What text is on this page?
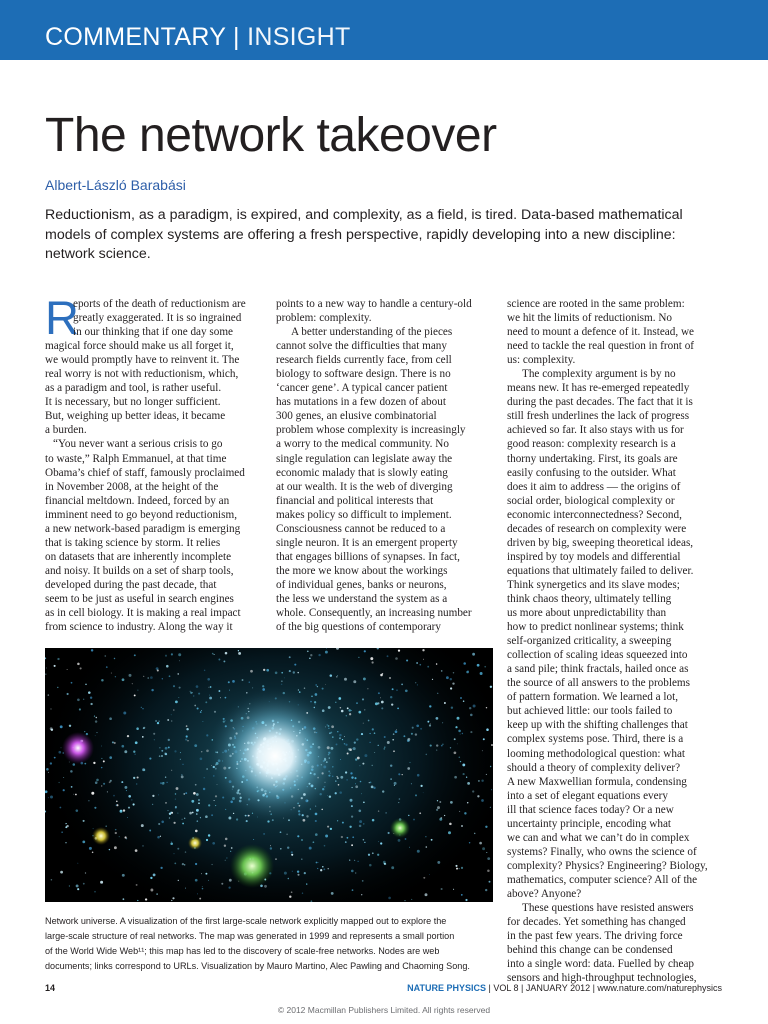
COMMENTARY | INSIGHT
The network takeover
Albert-László Barabási

Reductionism, as a paradigm, is expired, and complexity, as a field, is tired. Data-based mathematical models of complex systems are offering a fresh perspective, rapidly developing into a new discipline: network science.

R
eports of the death of reductionism are
greatly exaggerated. It is so ingrained
in our thinking that if one day some
magical force should make us all forget it,
we would promptly have to reinvent it. The
real worry is not with reductionism, which,
as a paradigm and tool, is rather useful.
It is necessary, but no longer sufficient.
But, weighing up better ideas, it became
a burden.
“You never want a serious crisis to go
to waste,” Ralph Emmanuel, at that time
Obama’s chief of staff, famously proclaimed
in November 2008, at the height of the
financial meltdown. Indeed, forced by an
imminent need to go beyond reductionism,
a new network-based paradigm is emerging
that is taking science by storm. It relies
on datasets that are inherently incomplete
and noisy. It builds on a set of sharp tools,
developed during the past decade, that
seem to be just as useful in search engines
as in cell biology. It is making a real impact
from science to industry. Along the way it
points to a new way to handle a century-old
problem: complexity.
A better understanding of the pieces
cannot solve the difficulties that many
research fields currently face, from cell
biology to software design. There is no
‘cancer gene’. A typical cancer patient
has mutations in a few dozen of about
300 genes, an elusive combinatorial
problem whose complexity is increasingly
a worry to the medical community. No
single regulation can legislate away the
economic malady that is slowly eating
at our wealth. It is the web of diverging
financial and political interests that
makes policy so difficult to implement.
Consciousness cannot be reduced to a
single neuron. It is an emergent property
that engages billions of synapses. In fact,
the more we know about the workings
of individual genes, banks or neurons,
the less we understand the system as a
whole. Consequently, an increasing number
of the big questions of contemporary
science are rooted in the same problem:
we hit the limits of reductionism. No
need to mount a defence of it. Instead, we
need to tackle the real question in front of
us: complexity.
The complexity argument is by no
means new. It has re-emerged repeatedly
during the past decades. The fact that it is
still fresh underlines the lack of progress
achieved so far. It also stays with us for
good reason: complexity research is a
thorny undertaking. First, its goals are
easily confusing to the outsider. What
does it aim to address — the origins of
social order, biological complexity or
economic interconnectedness? Second,
decades of research on complexity were
driven by big, sweeping theoretical ideas,
inspired by toy models and differential
equations that ultimately failed to deliver.
Think synergetics and its slave modes;
think chaos theory, ultimately telling
us more about unpredictability than
how to predict nonlinear systems; think
self-organized criticality, a sweeping
collection of scaling ideas squeezed into
a sand pile; think fractals, hailed once as
the source of all answers to the problems
of pattern formation. We learned a lot,
but achieved little: our tools failed to
keep up with the shifting challenges that
complex systems pose. Third, there is a
looming methodological question: what
should a theory of complexity deliver?
A new Maxwellian formula, condensing
into a set of elegant equations every
ill that science faces today? Or a new
uncertainty principle, encoding what
we can and what we can’t do in complex
systems? Finally, who owns the science of
complexity? Physics? Engineering? Biology,
mathematics, computer science? All of the
above? Anyone?
These questions have resisted answers
for decades. Yet something has changed
in the past few years. The driving force
behind this change can be condensed
into a single word: data. Fuelled by cheap
sensors and high-throughput technologies,
Network universe. A visualization of the first large-scale network explicitly mapped out to explore the
large-scale structure of real networks. The map was generated in 1999 and represents a small portion
of the World Wide Web¹¹; this map has led to the discovery of scale-free networks. Nodes are web
documents; links correspond to URLs. Visualization by Mauro Martino, Alec Pawling and Chaoming Song.
14	NATURE PHYSICS | VOL 8 | JANUARY 2012 | www.nature.com/naturephysics
© 2012 Macmillan Publishers Limited. All rights reserved
